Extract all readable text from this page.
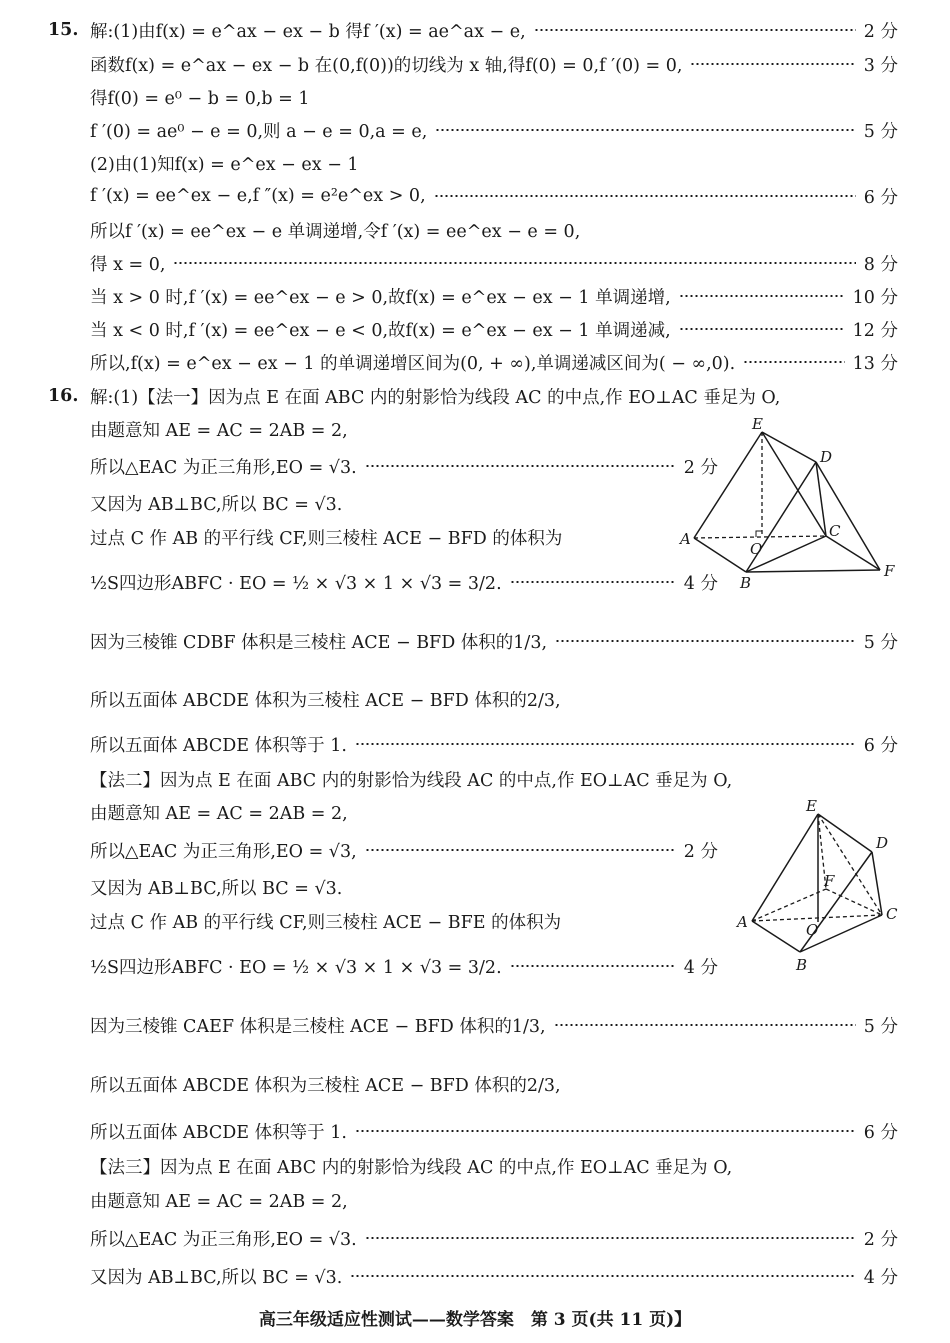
15. 解:(1)由f(x) = e^ax − ex − b 得f ′(x) = ae^ax − e,	2 分
函数f(x) = e^ax − ex − b 在(0,f(0))的切线为 x 轴,得f(0) = 0,f ′(0) = 0,	3 分
得f(0) = e⁰ − b = 0,b = 1
f ′(0) = ae⁰ − e = 0,则 a − e = 0,a = e,	5 分
(2)由(1)知f(x) = e^ex − ex − 1
f ′(x) = ee^ex − e,f ″(x) = e²e^ex > 0,	6 分
所以f ′(x) = ee^ex − e 单调递增,令f ′(x) = ee^ex − e = 0,
得 x = 0,	8 分
当 x > 0 时,f ′(x) = ee^ex − e > 0,故f(x) = e^ex − ex − 1 单调递增,	10 分
当 x < 0 时,f ′(x) = ee^ex − e < 0,故f(x) = e^ex − ex − 1 单调递减,	12 分
所以,f(x) = e^ex − ex − 1 的单调递增区间为(0, + ∞),单调递减区间为( − ∞,0).	13 分
16. 解:(1)【法一】因为点 E 在面 ABC 内的射影恰为线段 AC 的中点,作 EO⊥AC 垂足为 O,
由题意知 AE = AC = 2AB = 2,
所以△EAC 为正三角形,EO = √3.	2 分
又因为 AB⊥BC,所以 BC = √3.
过点 C 作 AB 的平行线 CF,则三棱柱 ACE − BFD 的体积为
½S四边形ABFC · EO = ½ × √3 × 1 × √3 = 3/2.	4 分
因为三棱锥 CDBF 体积是三棱柱 ACE − BFD 体积的1/3,	5 分
所以五面体 ABCDE 体积为三棱柱 ACE − BFD 体积的2/3,
所以五面体 ABCDE 体积等于 1.	6 分
【法二】因为点 E 在面 ABC 内的射影恰为线段 AC 的中点,作 EO⊥AC 垂足为 O,
由题意知 AE = AC = 2AB = 2,
所以△EAC 为正三角形,EO = √3,	2 分
又因为 AB⊥BC,所以 BC = √3.
过点 C 作 AB 的平行线 CF,则三棱柱 ACE − BFE 的体积为
½S四边形ABFC · EO = ½ × √3 × 1 × √3 = 3/2.	4 分
因为三棱锥 CAEF 体积是三棱柱 ACE − BFD 体积的1/3,	5 分
所以五面体 ABCDE 体积为三棱柱 ACE − BFD 体积的2/3,
所以五面体 ABCDE 体积等于 1.	6 分
【法三】因为点 E 在面 ABC 内的射影恰为线段 AC 的中点,作 EO⊥AC 垂足为 O,
由题意知 AE = AC = 2AB = 2,
所以△EAC 为正三角形,EO = √3.	2 分
又因为 AB⊥BC,所以 BC = √3.	4 分
E
D
A
O
C
B
F
E
D
F
A	O
C
B
高三年级适应性测试——数学答案　第 3 页(共 11 页)】
